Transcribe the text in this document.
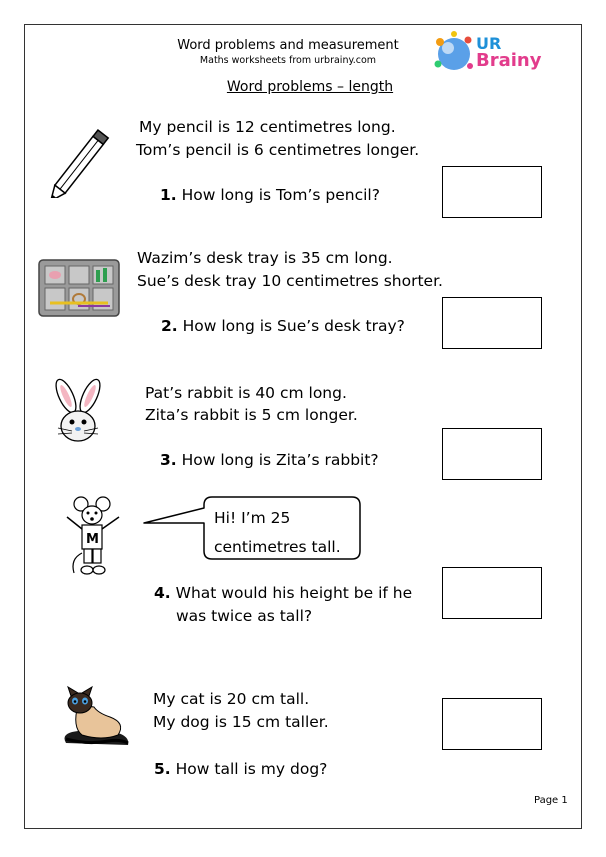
Word problems and measurement
Maths worksheets from urbrainy.com
UR
Brainy
Word problems – length
My pencil is 12 centimetres long.
Tom’s pencil is 6 centimetres longer.
1. How long is Tom’s pencil?
Wazim’s desk tray is 35 cm long.
Sue’s desk tray 10 centimetres shorter.
2. How long is Sue’s desk tray?
Pat’s rabbit is 40 cm long.
Zita’s rabbit is 5 cm longer.
3. How long is Zita’s rabbit?
M
Hi! I’m 25
centimetres tall.
4. What would his height be if he
was twice as tall?
My cat is 20 cm tall.
My dog is 15 cm taller.
5. How tall is my dog?
Page 1
